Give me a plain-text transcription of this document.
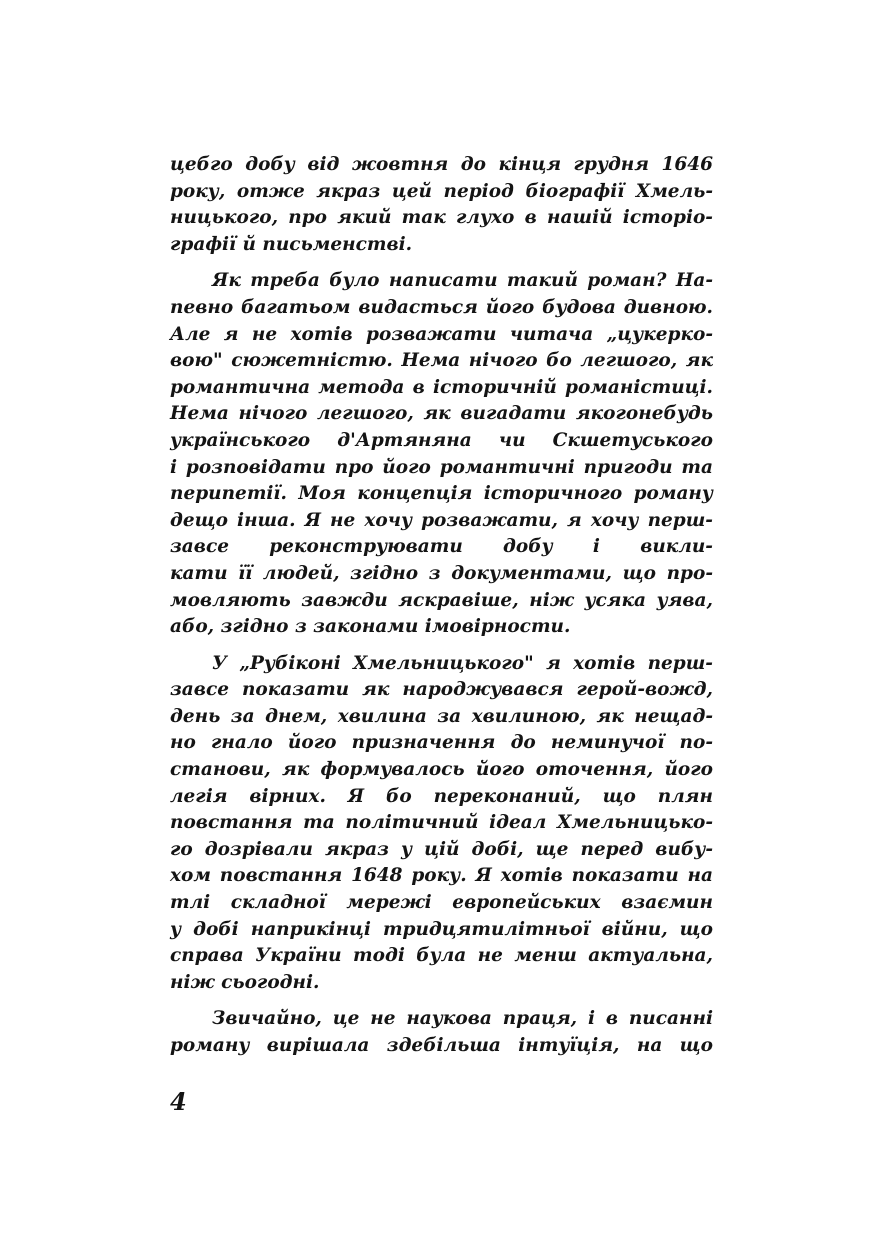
цебго добу від жовтня до кінця грудня 1646
року, отже якраз цей період біографії Хмель-
ницького, про який так глухо в нашій історіо-
графії й письменстві.

Як треба було написати такий роман? На-
певно багатьом видасться його будова дивною.
Але я не хотів розважати читача „цукерко-
вою" сюжетністю. Нема нічого бо легшого, як
романтична метода в історичній романістиці.
Нема нічого легшого, як вигадати якогонебудь
українського д'Артяняна чи Скшетуського
і розповідати про його романтичні пригоди та
перипетії. Моя концепція історичного роману
дещо інша. Я не хочу розважати, я хочу перш-
завсе реконструювати добу і викли-
кати її людей, згідно з документами, що про-
мовляють завжди яскравіше, ніж усяка уява,
або, згідно з законами імовірности.

У „Рубіконі Хмельницького" я хотів перш-
завсе показати як народжувався герой-вожд,
день за днем, хвилина за хвилиною, як нещад-
но гнало його призначення до неминучої по-
станови, як формувалось його оточення, його
легія вірних. Я бо переконаний, що плян
повстання та політичний ідеал Хмельницько-
го дозрівали якраз у цій добі, ще перед вибу-
хом повстання 1648 року. Я хотів показати на
тлі складної мережі европейських взаємин
у добі наприкінці тридцятилітньої війни, що
справа України тоді була не менш актуальна,
ніж сьогодні.

Звичайно, це не наукова праця, і в писанні
роману вирішала здебільша інтуїція, на що

4
